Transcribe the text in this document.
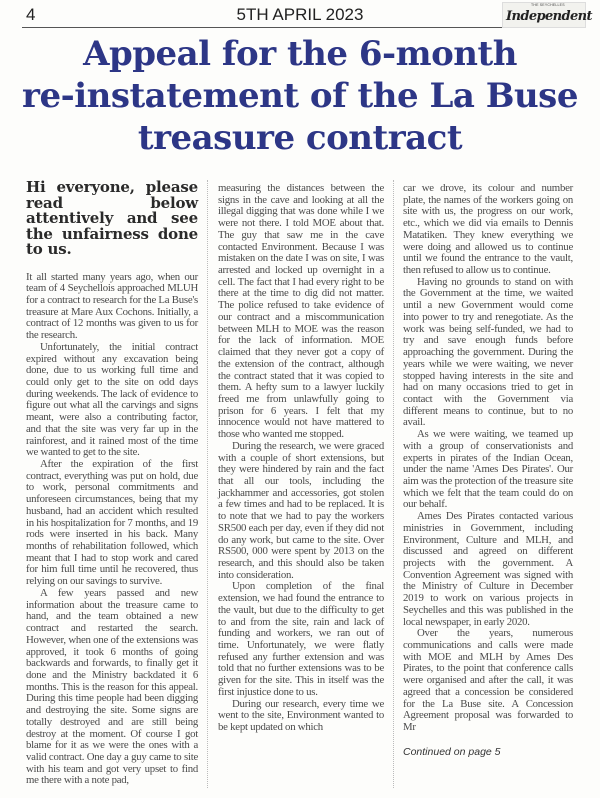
4	5TH APRIL 2023	THE SEYCHELLES
Independent
Appeal for the 6-month
re-instatement of the La Buse
treasure contract
Hi everyone, please read below attentively and see the unfairness done to us.

It all started many years ago, when our team of 4 Seychellois approached MLUH for a contract to research for the La Buse's treasure at Mare Aux Cochons. Initially, a contract of 12 months was given to us for the research.

Unfortunately, the initial contract expired without any excavation being done, due to us working full time and could only get to the site on odd days during weekends. The lack of evidence to figure out what all the carvings and signs meant, were also a contributing factor, and that the site was very far up in the rainforest, and it rained most of the time we wanted to get to the site.

After the expiration of the first contract, everything was put on hold, due to work, personal commitments and unforeseen circumstances, being that my husband, had an accident which resulted in his hospitalization for 7 months, and 19 rods were inserted in his back. Many months of rehabilitation followed, which meant that I had to stop work and cared for him full time until he recovered, thus relying on our savings to survive.

A few years passed and new information about the treasure came to hand, and the team obtained a new contract and restarted the search. However, when one of the extensions was approved, it took 6 months of going backwards and forwards, to finally get it done and the Ministry backdated it 6 months. This is the reason for this appeal. During this time people had been digging and destroying the site. Some signs are totally destroyed and are still being destroy at the moment. Of course I got blame for it as we were the ones with a valid contract. One day a guy came to site with his team and got very upset to find me there with a note pad,

measuring the distances between the signs in the cave and looking at all the illegal digging that was done while I we were not there. I told MOE about that. The guy that saw me in the cave contacted Environment. Because I was mistaken on the date I was on site, I was arrested and locked up overnight in a cell. The fact that I had every right to be there at the time to dig did not matter. The police refused to take evidence of our contract and a miscommunication between MLH to MOE was the reason for the lack of information. MOE claimed that they never got a copy of the extension of the contract, although the contract stated that it was copied to them. A hefty sum to a lawyer luckily freed me from unlawfully going to prison for 6 years. I felt that my innocence would not have mattered to those who wanted me stopped.

During the research, we were graced with a couple of short extensions, but they were hindered by rain and the fact that all our tools, including the jackhammer and accessories, got stolen a few times and had to be replaced. It is to note that we had to pay the workers SR500 each per day, even if they did not do any work, but came to the site. Over RS500, 000 were spent by 2013 on the research, and this should also be taken into consideration.

Upon completion of the final extension, we had found the entrance to the vault, but due to the difficulty to get to and from the site, rain and lack of funding and workers, we ran out of time. Unfortunately, we were flatly refused any further extension and was told that no further extensions was to be given for the site. This in itself was the first injustice done to us.

During our research, every time we went to the site, Environment wanted to be kept updated on which

car we drove, its colour and number plate, the names of the workers going on site with us, the progress on our work, etc., which we did via emails to Dennis Matatiken. They knew everything we were doing and allowed us to continue until we found the entrance to the vault, then refused to allow us to continue.

Having no grounds to stand on with the Government at the time, we waited until a new Government would come into power to try and renegotiate. As the work was being self-funded, we had to try and save enough funds before approaching the government. During the years while we were waiting, we never stopped having interests in the site and had on many occasions tried to get in contact with the Government via different means to continue, but to no avail.

As we were waiting, we teamed up with a group of conservationists and experts in pirates of the Indian Ocean, under the name 'Ames Des Pirates'. Our aim was the protection of the treasure site which we felt that the team could do on our behalf.

Ames Des Pirates contacted various ministries in Government, including Environment, Culture and MLH, and discussed and agreed on different projects with the government. A Convention Agreement was signed with the Ministry of Culture in December 2019 to work on various projects in Seychelles and this was published in the local newspaper, in early 2020.

Over the years, numerous communications and calls were made with MOE and MLH by Ames Des Pirates, to the point that conference calls were organised and after the call, it was agreed that a concession be considered for the La Buse site. A Concession Agreement proposal was forwarded to Mr

Continued on page 5
